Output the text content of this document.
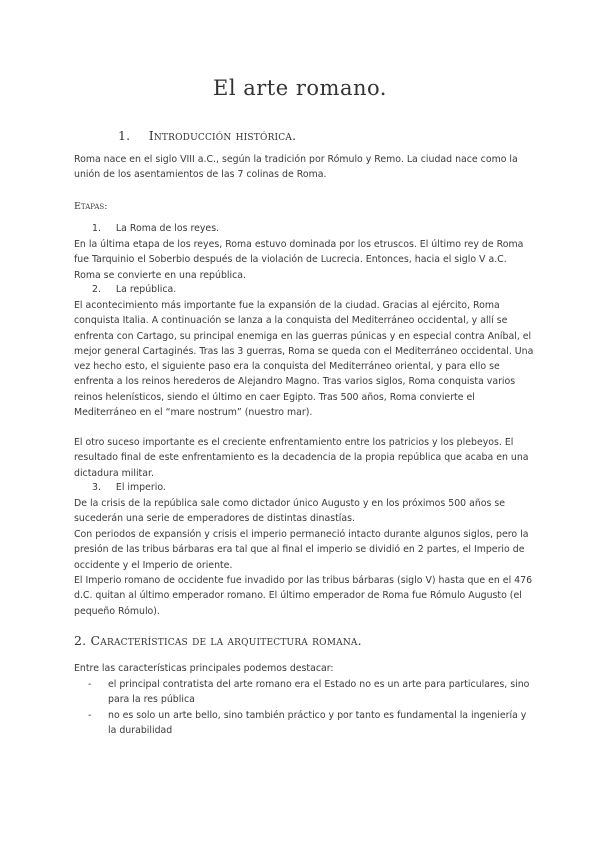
El arte romano.
1. Introducción histórica.

Roma nace en el siglo VIII a.C., según la tradición por Rómulo y Remo. La ciudad nace como la unión de los asentamientos de las 7 colinas de Roma.

Etapas:

1. La Roma de los reyes.

En la última etapa de los reyes, Roma estuvo dominada por los etruscos. El último rey de Roma fue Tarquinio el Soberbio después de la violación de Lucrecia. Entonces, hacia el siglo V a.C. Roma se convierte en una república.

2. La república.

El acontecimiento más importante fue la expansión de la ciudad. Gracias al ejército, Roma conquista Italia. A continuación se lanza a la conquista del Mediterráneo occidental, y allí se enfrenta con Cartago, su principal enemiga en las guerras púnicas y en especial contra Aníbal, el mejor general Cartaginés. Tras las 3 guerras, Roma se queda con el Mediterráneo occidental. Una vez hecho esto, el siguiente paso era la conquista del Mediterráneo oriental, y para ello se enfrenta a los reinos herederos de Alejandro Magno. Tras varios siglos, Roma conquista varios reinos helenísticos, siendo el último en caer Egipto. Tras 500 años, Roma convierte el Mediterráneo en el “mare nostrum” (nuestro mar).

El otro suceso importante es el creciente enfrentamiento entre los patricios y los plebeyos. El resultado final de este enfrentamiento es la decadencia de la propia república que acaba en una dictadura militar.

3. El imperio.

De la crisis de la república sale como dictador único Augusto y en los próximos 500 años se sucederán una serie de emperadores de distintas dinastías.

Con periodos de expansión y crisis el imperio permaneció intacto durante algunos siglos, pero la presión de las tribus bárbaras era tal que al final el imperio se dividió en 2 partes, el Imperio de occidente y el Imperio de oriente.

El Imperio romano de occidente fue invadido por las tribus bárbaras (siglo V) hasta que en el 476 d.C. quitan al último emperador romano. El último emperador de Roma fue Rómulo Augusto (el pequeño Rómulo).

2. Características de la arquitectura romana.

Entre las características principales podemos destacar:

- el principal contratista del arte romano era el Estado no es un arte para particulares, sino para la res pública
- no es solo un arte bello, sino también práctico y por tanto es fundamental la ingeniería y la durabilidad
